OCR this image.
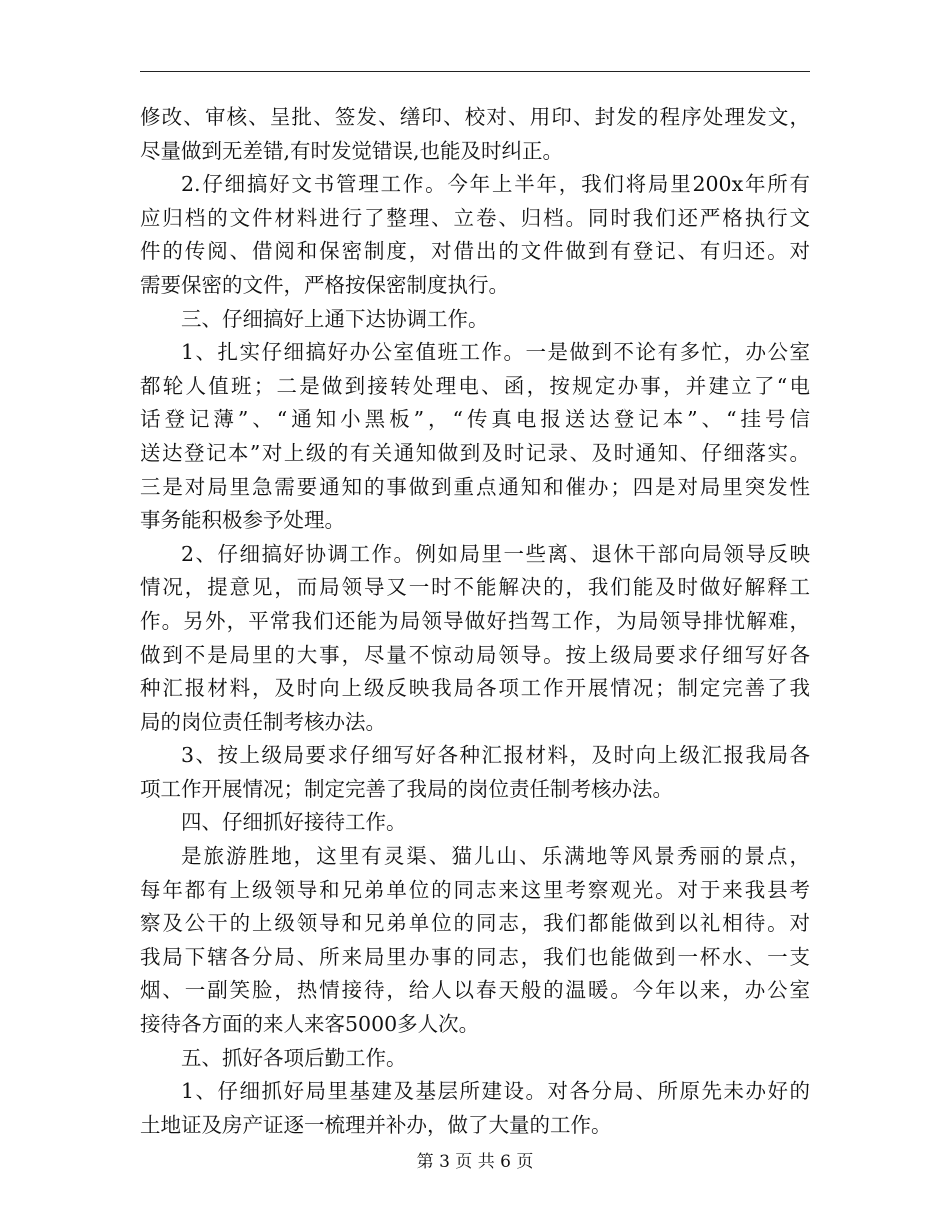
修改、审核、呈批、签发、缮印、校对、用印、封发的程序处理发文，
尽量做到无差错,有时发觉错误,也能及时纠正。
2.仔细搞好文书管理工作。今年上半年，我们将局里200x年所有
应归档的文件材料进行了整理、立卷、归档。同时我们还严格执行文
件的传阅、借阅和保密制度，对借出的文件做到有登记、有归还。对
需要保密的文件，严格按保密制度执行。
三、仔细搞好上通下达协调工作。
1、扎实仔细搞好办公室值班工作。一是做到不论有多忙，办公室
都轮人值班；二是做到接转处理电、函，按规定办事，并建立了“电
话登记薄”、“通知小黑板”，“传真电报送达登记本”、“挂号信
送达登记本”对上级的有关通知做到及时记录、及时通知、仔细落实。
三是对局里急需要通知的事做到重点通知和催办；四是对局里突发性
事务能积极参予处理。
2、仔细搞好协调工作。例如局里一些离、退休干部向局领导反映
情况，提意见，而局领导又一时不能解决的，我们能及时做好解释工
作。另外，平常我们还能为局领导做好挡驾工作，为局领导排忧解难，
做到不是局里的大事，尽量不惊动局领导。按上级局要求仔细写好各
种汇报材料，及时向上级反映我局各项工作开展情况；制定完善了我
局的岗位责任制考核办法。
3、按上级局要求仔细写好各种汇报材料，及时向上级汇报我局各
项工作开展情况；制定完善了我局的岗位责任制考核办法。
四、仔细抓好接待工作。
是旅游胜地，这里有灵渠、猫儿山、乐满地等风景秀丽的景点，
每年都有上级领导和兄弟单位的同志来这里考察观光。对于来我县考
察及公干的上级领导和兄弟单位的同志，我们都能做到以礼相待。对
我局下辖各分局、所来局里办事的同志，我们也能做到一杯水、一支
烟、一副笑脸，热情接待，给人以春天般的温暖。今年以来，办公室
接待各方面的来人来客5000多人次。
五、抓好各项后勤工作。
1、仔细抓好局里基建及基层所建设。对各分局、所原先未办好的
土地证及房产证逐一梳理并补办，做了大量的工作。
第 3 页 共 6 页
